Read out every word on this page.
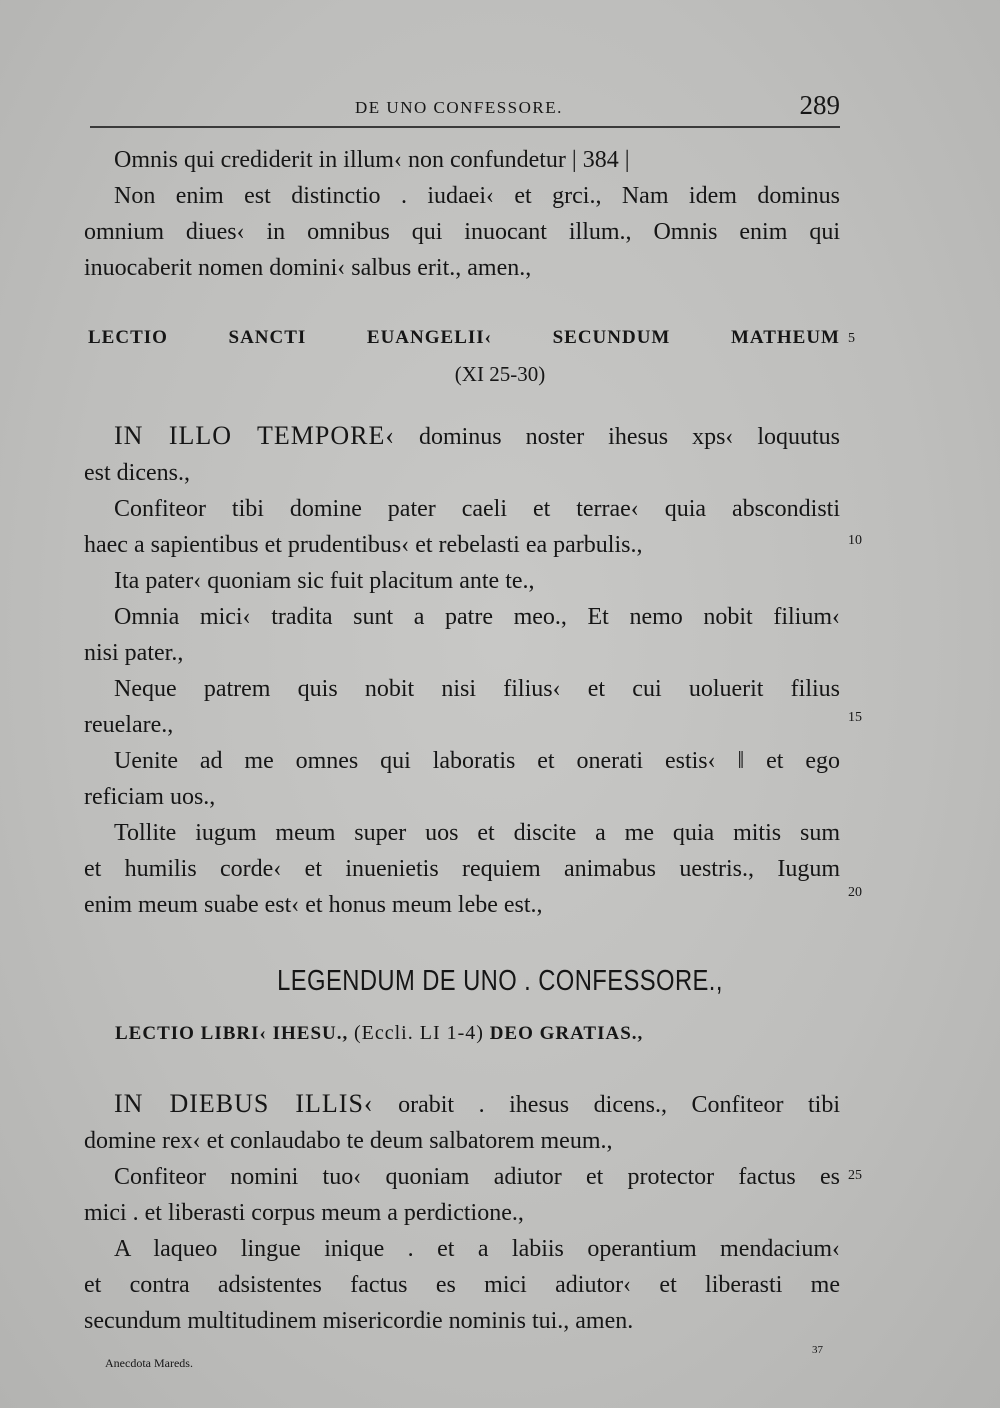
DE UNO CONFESSORE.	289
Omnis qui crediderit in illum‹ non confundetur | 384 |
Non enim est distinctio . iudaei‹ et grci., Nam idem dominus
omnium diues‹ in omnibus qui inuocant illum., Omnis enim qui
inuocaberit nomen domini‹ salbus erit., amen.,
LECTIO SANCTI EUANGELII‹ SECUNDUM MATHEUM
(XI 25-30)
IN ILLO TEMPORE‹ dominus noster ihesus xps‹ loquutus
est dicens.,
Confiteor tibi domine pater caeli et terrae‹ quia abscondisti
haec a sapientibus et prudentibus‹ et rebelasti ea parbulis.,
Ita pater‹ quoniam sic fuit placitum ante te.,
Omnia mici‹ tradita sunt a patre meo., Et nemo nobit filium‹
nisi pater.,
Neque patrem quis nobit nisi filius‹ et cui uoluerit filius
reuelare.,
Uenite ad me omnes qui laboratis et onerati estis‹ ‖ et ego
reficiam uos.,
Tollite iugum meum super uos et discite a me quia mitis sum
et humilis corde‹ et inuenietis requiem animabus uestris., Iugum
enim meum suabe est‹ et honus meum lebe est.,
LEGENDUM DE UNO . CONFESSORE.,
LECTIO LIBRI‹ IHESU., (Eccli. LI 1-4) DEO GRATIAS.,
IN DIEBUS ILLIS‹ orabit . ihesus dicens., Confiteor tibi
domine rex‹ et conlaudabo te deum salbatorem meum.,
Confiteor nomini tuo‹ quoniam adiutor et protector factus es
mici . et liberasti corpus meum a perdictione.,
A laqueo lingue inique . et a labiis operantium mendacium‹
et contra adsistentes factus es mici adiutor‹ et liberasti me
secundum multitudinem misericordie nominis tui., amen.
5
10
15
20
25
Anecdota Mareds.
37
